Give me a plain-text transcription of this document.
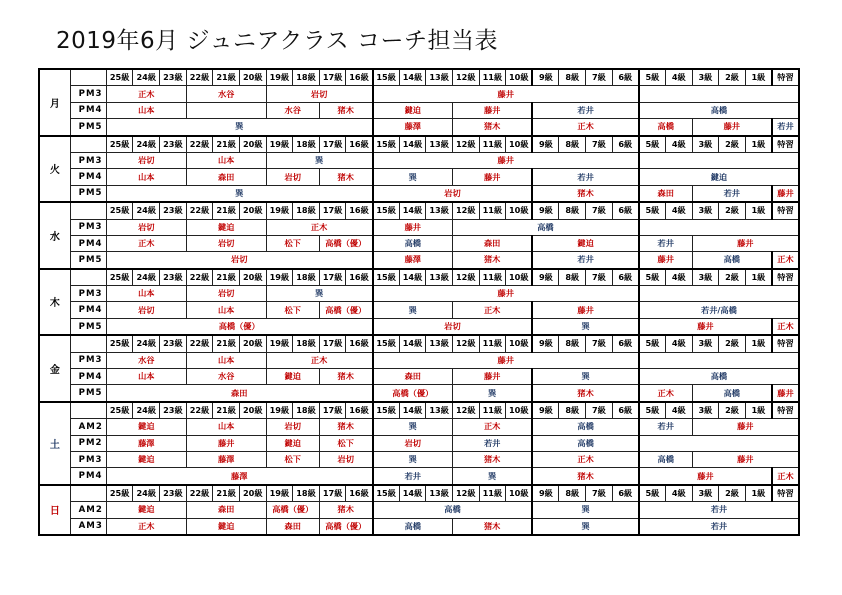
2019年6月 ジュニアクラス コーチ担当表
月		25級	24級	23級	22級	21級	20級	19級	18級	17級	16級	15級	14級	13級	12級	11級	10級	9級	8級	7級	6級	5級	4級	3級	2級	1級	特習
	PM3	正木			水谷			岩切				藤井															
	PM4	山本						水谷		猪木		鍵迫			藤井			若井				高橋					
	PM5	巽										藤澤			猪木			正木				高橋		藤井			若井
火		25級	24級	23級	22級	21級	20級	19級	18級	17級	16級	15級	14級	13級	12級	11級	10級	9級	8級	7級	6級	5級	4級	3級	2級	1級	特習
	PM3	岩切			山本			巽				藤井															
	PM4	山本			森田			岩切		猪木		巽			藤井			若井				鍵迫					
	PM5	巽										岩切						猪木				森田		若井			藤井
水		25級	24級	23級	22級	21級	20級	19級	18級	17級	16級	15級	14級	13級	12級	11級	10級	9級	8級	7級	6級	5級	4級	3級	2級	1級	特習
	PM3	岩切			鍵迫			正木				藤井			高橋												
	PM4	正木			岩切			松下		高橋（優）		高橋			森田			鍵迫				若井		藤井			
	PM5	岩切										藤澤			猪木			若井				藤井		高橋			正木
木		25級	24級	23級	22級	21級	20級	19級	18級	17級	16級	15級	14級	13級	12級	11級	10級	9級	8級	7級	6級	5級	4級	3級	2級	1級	特習
	PM3	山本			岩切			巽				藤井															
	PM4	岩切			山本			松下		高橋（優）		巽			正木			藤井				若井/高橋					
	PM5	高橋（優）										岩切						巽				藤井					正木
金		25級	24級	23級	22級	21級	20級	19級	18級	17級	16級	15級	14級	13級	12級	11級	10級	9級	8級	7級	6級	5級	4級	3級	2級	1級	特習
	PM3	水谷			山本			正木				藤井															
	PM4	山本			水谷			鍵迫		猪木		森田			藤井			巽				高橋					
	PM5	森田										高橋（優）			巽			猪木				正木		高橋			藤井
土		25級	24級	23級	22級	21級	20級	19級	18級	17級	16級	15級	14級	13級	12級	11級	10級	9級	8級	7級	6級	5級	4級	3級	2級	1級	特習
	AM2	鍵迫			山本			岩切		猪木		巽			正木			高橋				若井		藤井			
	PM2	藤澤			藤井			鍵迫		松下		岩切			若井			高橋									
	PM3	鍵迫			藤澤			松下		岩切		巽			猪木			正木				高橋		藤井			
	PM4	藤澤										若井			巽			猪木				藤井					正木
日		25級	24級	23級	22級	21級	20級	19級	18級	17級	16級	15級	14級	13級	12級	11級	10級	9級	8級	7級	6級	5級	4級	3級	2級	1級	特習
	AM2	鍵迫			森田			高橋（優）		猪木		高橋						巽				若井					
	AM3	正木			鍵迫			森田		高橋（優）		高橋			猪木			巽				若井					
